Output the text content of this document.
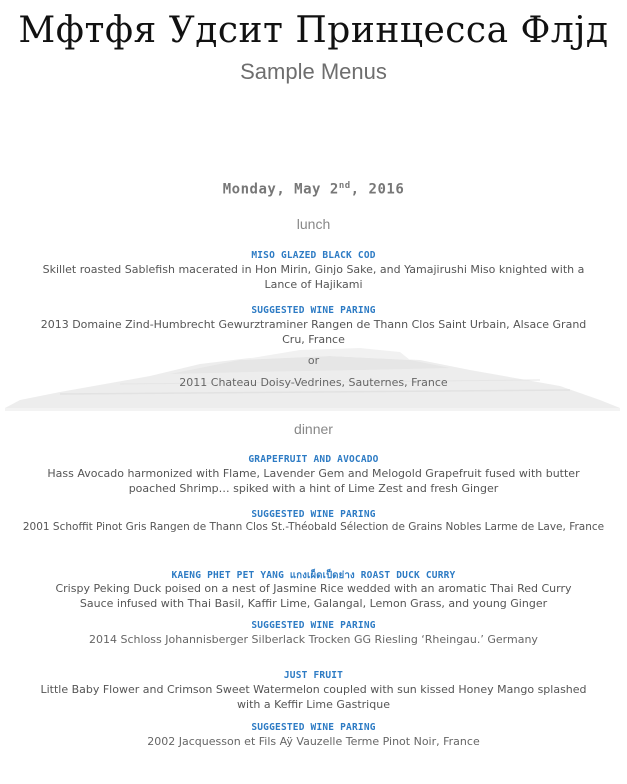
Мфтфя Удсит Принцесса Флјд
Sample Menus
Monday, May 2nd, 2016
lunch
MISO GLAZED BLACK COD
Skillet roasted Sablefish macerated in Hon Mirin, Ginjo Sake, and Yamajirushi Miso knighted with a Lance of Hajikami
SUGGESTED WINE PARING
2013 Domaine Zind-Humbrecht Gewurztraminer Rangen de Thann Clos Saint Urbain, Alsace Grand Cru, France
or
2011 Chateau Doisy-Vedrines, Sauternes, France
dinner
GRAPEFRUIT AND AVOCADO
Hass Avocado harmonized with Flame, Lavender Gem and Melogold Grapefruit fused with butter poached Shrimp… spiked with a hint of Lime Zest and fresh Ginger
SUGGESTED WINE PARING
2001 Schoffit Pinot Gris Rangen de Thann Clos St.-Théobald Sélection de Grains Nobles Larme de Lave, France
KAENG PHET PET YANG แกงเผ็ดเป็ดย่าง ROAST DUCK CURRY
Crispy Peking Duck poised on a nest of Jasmine Rice wedded with an aromatic Thai Red Curry Sauce infused with Thai Basil, Kaffir Lime, Galangal, Lemon Grass, and young Ginger
SUGGESTED WINE PARING
2014 Schloss Johannisberger Silberlack Trocken GG Riesling ‘Rheingau.’ Germany
JUST FRUIT
Little Baby Flower and Crimson Sweet Watermelon coupled with sun kissed Honey Mango splashed with a Keffir Lime Gastrique
SUGGESTED WINE PARING
2002 Jacquesson et Fils Aÿ Vauzelle Terme Pinot Noir, France
